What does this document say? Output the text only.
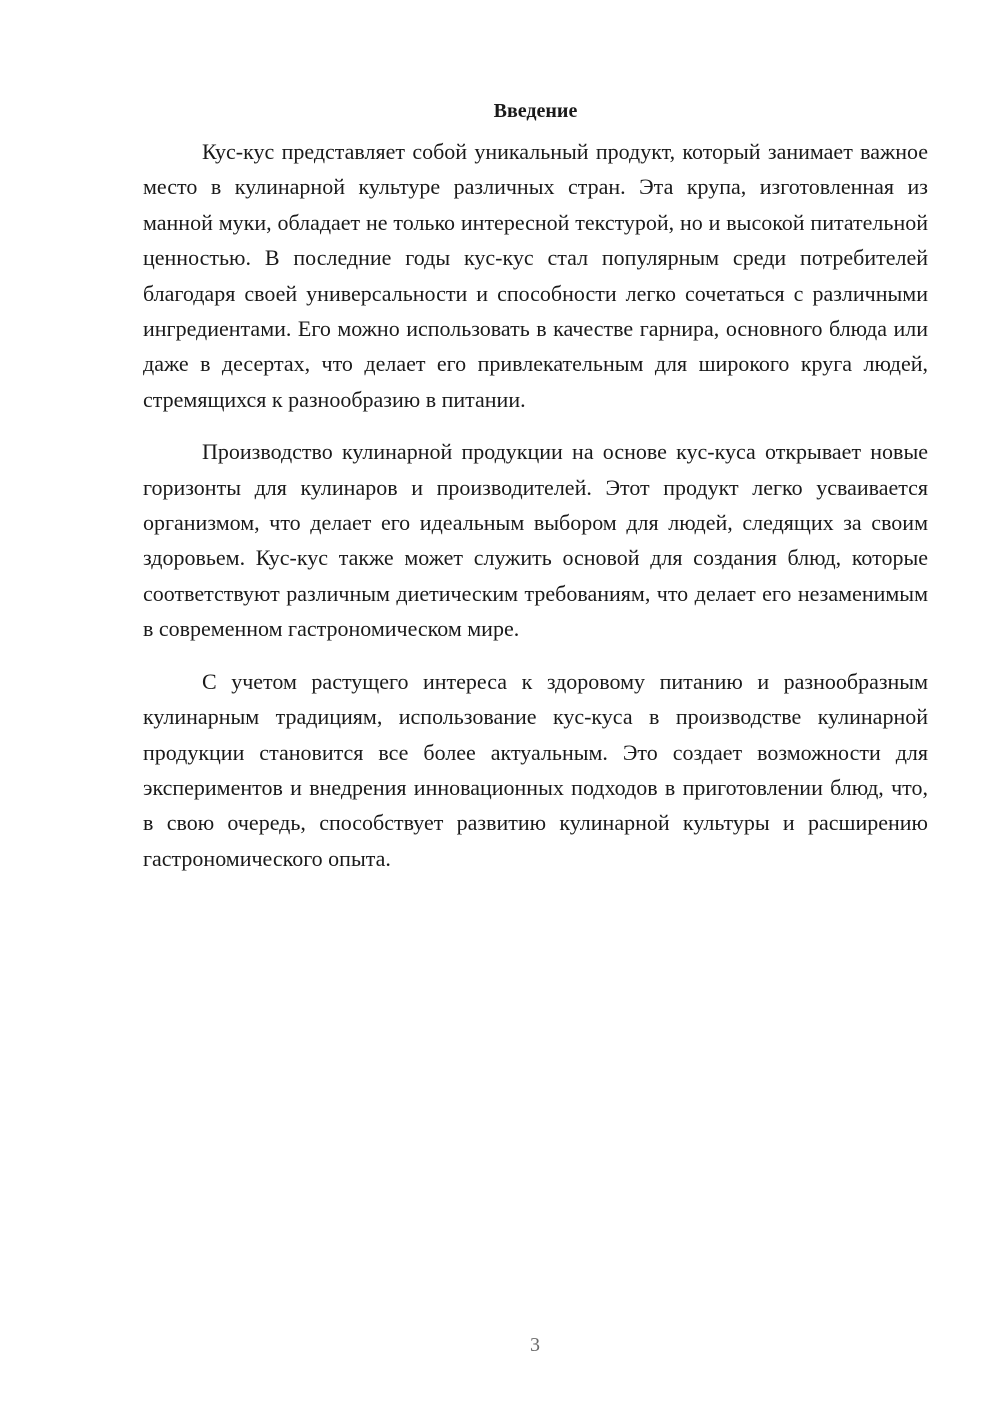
Введение

Кус-кус представляет собой уникальный продукт, который занимает важное место в кулинарной культуре различных стран. Эта крупа, изготовленная из манной муки, обладает не только интересной текстурой, но и высокой питательной ценностью. В последние годы кус-кус стал популярным среди потребителей благодаря своей универсальности и способности легко сочетаться с различными ингредиентами. Его можно использовать в качестве гарнира, основного блюда или даже в десертах, что делает его привлекательным для широкого круга людей, стремящихся к разнообразию в питании.

Производство кулинарной продукции на основе кус-куса открывает новые горизонты для кулинаров и производителей. Этот продукт легко усваивается организмом, что делает его идеальным выбором для людей, следящих за своим здоровьем. Кус-кус также может служить основой для создания блюд, которые соответствуют различным диетическим требованиям, что делает его незаменимым в современном гастрономическом мире.

С учетом растущего интереса к здоровому питанию и разнообразным кулинарным традициям, использование кус-куса в производстве кулинарной продукции становится все более актуальным. Это создает возможности для экспериментов и внедрения инновационных подходов в приготовлении блюд, что, в свою очередь, способствует развитию кулинарной культуры и расширению гастрономического опыта.

3
